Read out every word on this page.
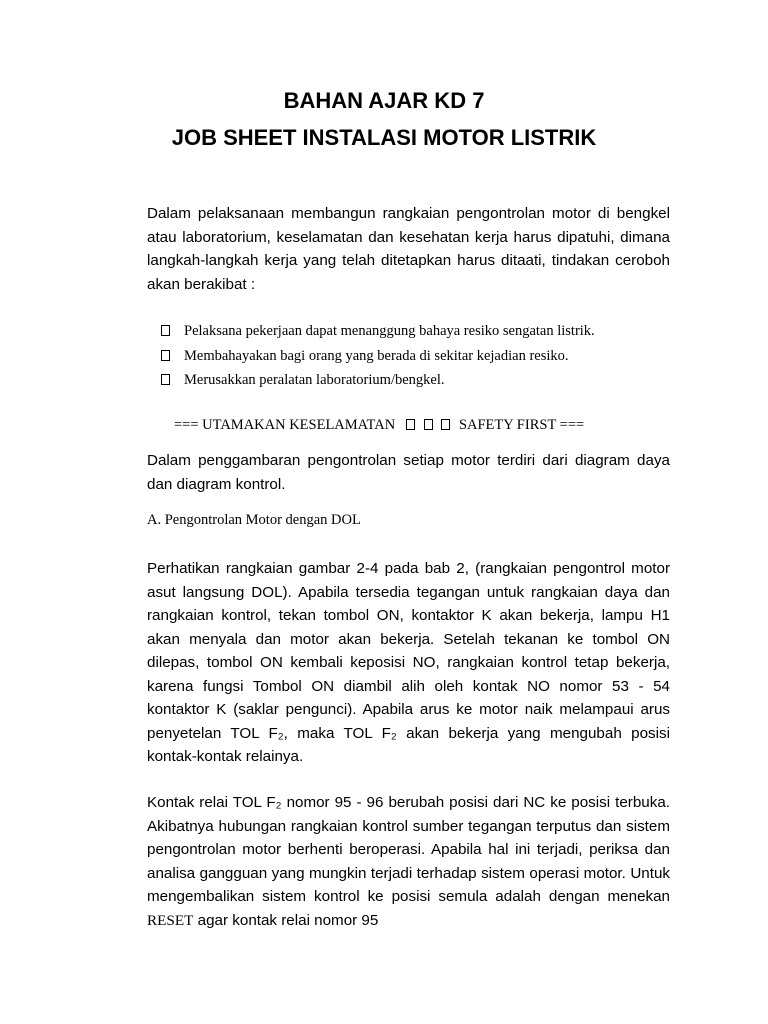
BAHAN AJAR KD 7
JOB SHEET INSTALASI MOTOR LISTRIK

Dalam pelaksanaan membangun rangkaian pengontrolan motor di bengkel atau laboratorium, keselamatan dan kesehatan kerja harus dipatuhi, dimana langkah-langkah kerja yang telah ditetapkan harus ditaati, tindakan ceroboh akan berakibat :

Pelaksana pekerjaan dapat menanggung bahaya resiko sengatan listrik.
Membahayakan bagi orang yang berada di sekitar kejadian resiko.
Merusakkan peralatan laboratorium/bengkel.

=== UTAMAKAN KESELAMATAN	SAFETY FIRST ===

Dalam penggambaran pengontrolan setiap motor terdiri dari diagram daya dan diagram kontrol.

A. Pengontrolan Motor dengan DOL

Perhatikan rangkaian gambar 2-4 pada bab 2, (rangkaian pengontrol motor asut langsung DOL). Apabila tersedia tegangan untuk rangkaian daya dan rangkaian kontrol, tekan tombol ON, kontaktor K akan bekerja, lampu H1 akan menyala dan motor akan bekerja. Setelah tekanan ke tombol ON dilepas, tombol ON kembali keposisi NO, rangkaian kontrol tetap bekerja, karena fungsi Tombol ON diambil alih oleh kontak NO nomor 53 - 54 kontaktor K (saklar pengunci). Apabila arus ke motor naik melampaui arus penyetelan TOL F₂, maka TOL F₂ akan bekerja yang mengubah posisi kontak-kontak relainya.

Kontak relai TOL F₂ nomor 95 - 96 berubah posisi dari NC ke posisi terbuka. Akibatnya hubungan rangkaian kontrol sumber tegangan terputus dan sistem pengontrolan motor berhenti beroperasi. Apabila hal ini terjadi, periksa dan analisa gangguan yang mungkin terjadi terhadap sistem operasi motor. Untuk mengembalikan sistem kontrol ke posisi semula adalah dengan menekan RESET agar kontak relai nomor 95
